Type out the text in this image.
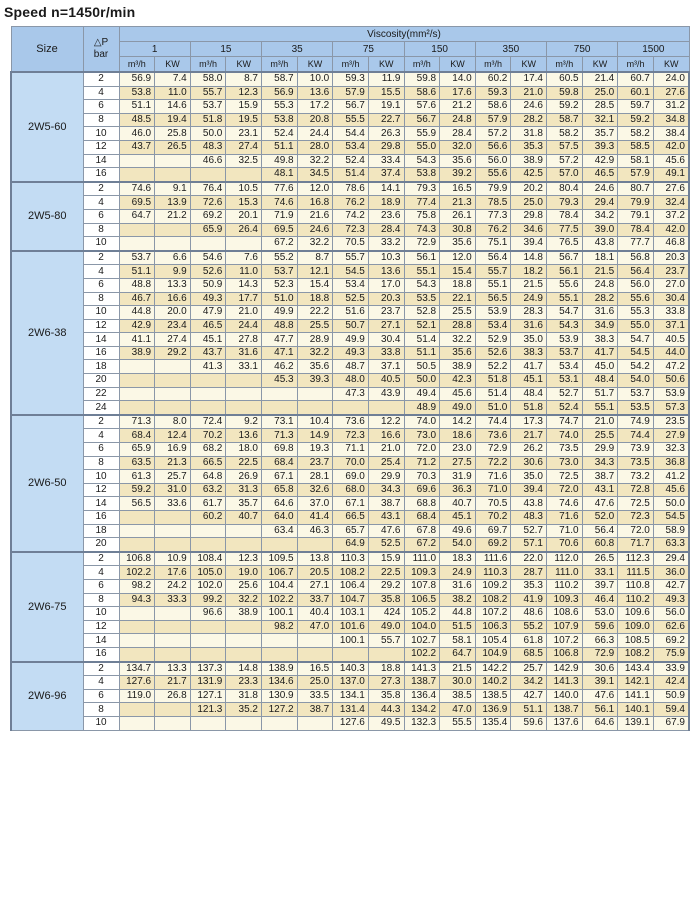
Speed n=1450r/min
Size	△P
bar	Viscosity(mm²/s)															
		1		15		35		75		150		350		750		1500	
		m³/h	KW	m³/h	KW	m³/h	KW	m³/h	KW	m³/h	KW	m³/h	KW	m³/h	KW	m³/h	KW
2W5-60	2	56.9	7.4	58.0	8.7	58.7	10.0	59.3	11.9	59.8	14.0	60.2	17.4	60.5	21.4	60.7	24.0
	4	53.8	11.0	55.7	12.3	56.9	13.6	57.9	15.5	58.6	17.6	59.3	21.0	59.8	25.0	60.1	27.6
	6	51.1	14.6	53.7	15.9	55.3	17.2	56.7	19.1	57.6	21.2	58.6	24.6	59.2	28.5	59.7	31.2
	8	48.5	19.4	51.8	19.5	53.8	20.8	55.5	22.7	56.7	24.8	57.9	28.2	58.7	32.1	59.2	34.8
	10	46.0	25.8	50.0	23.1	52.4	24.4	54.4	26.3	55.9	28.4	57.2	31.8	58.2	35.7	58.2	38.4
	12	43.7	26.5	48.3	27.4	51.1	28.0	53.4	29.8	55.0	32.0	56.6	35.3	57.5	39.3	58.5	42.0
	14			46.6	32.5	49.8	32.2	52.4	33.4	54.3	35.6	56.0	38.9	57.2	42.9	58.1	45.6
	16					48.1	34.5	51.4	37.4	53.8	39.2	55.6	42.5	57.0	46.5	57.9	49.1
2W5-80	2	74.6	9.1	76.4	10.5	77.6	12.0	78.6	14.1	79.3	16.5	79.9	20.2	80.4	24.6	80.7	27.6
	4	69.5	13.9	72.6	15.3	74.6	16.8	76.2	18.9	77.4	21.3	78.5	25.0	79.3	29.4	79.9	32.4
	6	64.7	21.2	69.2	20.1	71.9	21.6	74.2	23.6	75.8	26.1	77.3	29.8	78.4	34.2	79.1	37.2
	8			65.9	26.4	69.5	24.6	72.3	28.4	74.3	30.8	76.2	34.6	77.5	39.0	78.4	42.0
	10					67.2	32.2	70.5	33.2	72.9	35.6	75.1	39.4	76.5	43.8	77.7	46.8
2W6-38	2	53.7	6.6	54.6	7.6	55.2	8.7	55.7	10.3	56.1	12.0	56.4	14.8	56.7	18.1	56.8	20.3
	4	51.1	9.9	52.6	11.0	53.7	12.1	54.5	13.6	55.1	15.4	55.7	18.2	56.1	21.5	56.4	23.7
	6	48.8	13.3	50.9	14.3	52.3	15.4	53.4	17.0	54.3	18.8	55.1	21.5	55.6	24.8	56.0	27.0
	8	46.7	16.6	49.3	17.7	51.0	18.8	52.5	20.3	53.5	22.1	56.5	24.9	55.1	28.2	55.6	30.4
	10	44.8	20.0	47.9	21.0	49.9	22.2	51.6	23.7	52.8	25.5	53.9	28.3	54.7	31.6	55.3	33.8
	12	42.9	23.4	46.5	24.4	48.8	25.5	50.7	27.1	52.1	28.8	53.4	31.6	54.3	34.9	55.0	37.1
	14	41.1	27.4	45.1	27.8	47.7	28.9	49.9	30.4	51.4	32.2	52.9	35.0	53.9	38.3	54.7	40.5
	16	38.9	29.2	43.7	31.6	47.1	32.2	49.3	33.8	51.1	35.6	52.6	38.3	53.7	41.7	54.5	44.0
	18			41.3	33.1	46.2	35.6	48.7	37.1	50.5	38.9	52.2	41.7	53.4	45.0	54.2	47.2
	20					45.3	39.3	48.0	40.5	50.0	42.3	51.8	45.1	53.1	48.4	54.0	50.6
	22							47.3	43.9	49.4	45.6	51.4	48.4	52.7	51.7	53.7	53.9
	24									48.9	49.0	51.0	51.8	52.4	55.1	53.5	57.3
2W6-50	2	71.3	8.0	72.4	9.2	73.1	10.4	73.6	12.2	74.0	14.2	74.4	17.3	74.7	21.0	74.9	23.5
	4	68.4	12.4	70.2	13.6	71.3	14.9	72.3	16.6	73.0	18.6	73.6	21.7	74.0	25.5	74.4	27.9
	6	65.9	16.9	68.2	18.0	69.8	19.3	71.1	21.0	72.0	23.0	72.9	26.2	73.5	29.9	73.9	32.3
	8	63.5	21.3	66.5	22.5	68.4	23.7	70.0	25.4	71.2	27.5	72.2	30.6	73.0	34.3	73.5	36.8
	10	61.3	25.7	64.8	26.9	67.1	28.1	69.0	29.9	70.3	31.9	71.6	35.0	72.5	38.7	73.2	41.2
	12	59.2	31.0	63.2	31.3	65.8	32.6	68.0	34.3	69.6	36.3	71.0	39.4	72.0	43.1	72.8	45.6
	14	56.5	33.6	61.7	35.7	64.6	37.0	67.1	38.7	68.8	40.7	70.5	43.8	74.6	47.6	72.5	50.0
	16			60.2	40.7	64.0	41.4	66.5	43.1	68.4	45.1	70.2	48.3	71.6	52.0	72.3	54.5
	18					63.4	46.3	65.7	47.6	67.8	49.6	69.7	52.7	71.0	56.4	72.0	58.9
	20							64.9	52.5	67.2	54.0	69.2	57.1	70.6	60.8	71.7	63.3
2W6-75	2	106.8	10.9	108.4	12.3	109.5	13.8	110.3	15.9	111.0	18.3	111.6	22.0	112.0	26.5	112.3	29.4
	4	102.2	17.6	105.0	19.0	106.7	20.5	108.2	22.5	109.3	24.9	110.3	28.7	111.0	33.1	111.5	36.0
	6	98.2	24.2	102.0	25.6	104.4	27.1	106.4	29.2	107.8	31.6	109.2	35.3	110.2	39.7	110.8	42.7
	8	94.3	33.3	99.2	32.2	102.2	33.7	104.7	35.8	106.5	38.2	108.2	41.9	109.3	46.4	110.2	49.3
	10			96.6	38.9	100.1	40.4	103.1	424	105.2	44.8	107.2	48.6	108.6	53.0	109.6	56.0
	12					98.2	47.0	101.6	49.0	104.0	51.5	106.3	55.2	107.9	59.6	109.0	62.6
	14							100.1	55.7	102.7	58.1	105.4	61.8	107.2	66.3	108.5	69.2
	16									102.2	64.7	104.9	68.5	106.8	72.9	108.2	75.9
2W6-96	2	134.7	13.3	137.3	14.8	138.9	16.5	140.3	18.8	141.3	21.5	142.2	25.7	142.9	30.6	143.4	33.9
	4	127.6	21.7	131.9	23.3	134.6	25.0	137.0	27.3	138.7	30.0	140.2	34.2	141.3	39.1	142.1	42.4
	6	119.0	26.8	127.1	31.8	130.9	33.5	134.1	35.8	136.4	38.5	138.5	42.7	140.0	47.6	141.1	50.9
	8			121.3	35.2	127.2	38.7	131.4	44.3	134.2	47.0	136.9	51.1	138.7	56.1	140.1	59.4
	10							127.6	49.5	132.3	55.5	135.4	59.6	137.6	64.6	139.1	67.9
